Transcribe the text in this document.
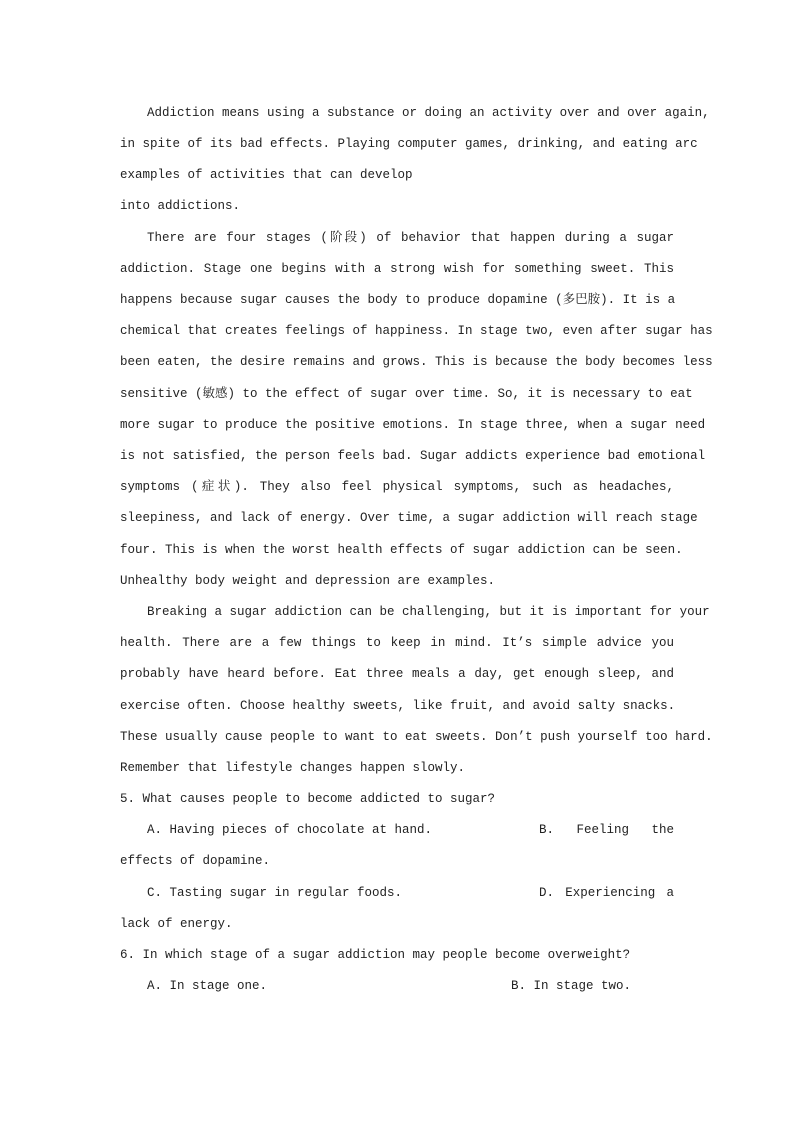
Addiction means using a substance or doing an activity over and over again,
in spite of its bad effects. Playing computer games, drinking, and eating arc
examples of activities that can develop
into addictions.
There are four stages (阶段) of behavior that happen during a sugar
addiction. Stage one begins with a strong wish for something sweet. This
happens because sugar causes the body to produce dopamine (多巴胺). It is a
chemical that creates feelings of happiness. In stage two, even after sugar has
been eaten, the desire remains and grows. This is because the body becomes less
sensitive (敏感) to the effect of sugar over time. So, it is necessary to eat
more sugar to produce the positive emotions. In stage three, when a sugar need
is not satisfied, the person feels bad. Sugar addicts experience bad emotional
symptoms (症状). They also feel physical symptoms, such as headaches,
sleepiness, and lack of energy. Over time, a sugar addiction will reach stage
four. This is when the worst health effects of sugar addiction can be seen.
Unhealthy body weight and depression are examples.
Breaking a sugar addiction can be challenging, but it is important for your
health. There are a few things to keep in mind. It’s simple advice you
probably have heard before. Eat three meals a day, get enough sleep, and
exercise often. Choose healthy sweets, like fruit, and avoid salty snacks.
These usually cause people to want to eat sweets. Don’t push yourself too hard.
Remember that lifestyle changes happen slowly.
5. What causes people to become addicted to sugar?
A. Having pieces of chocolate at hand.	B. Feeling the
effects of dopamine.
C. Tasting sugar in regular foods.	D. Experiencing a
lack of energy.
6. In which stage of a sugar addiction may people become overweight?
A. In stage one.	B. In stage two.
